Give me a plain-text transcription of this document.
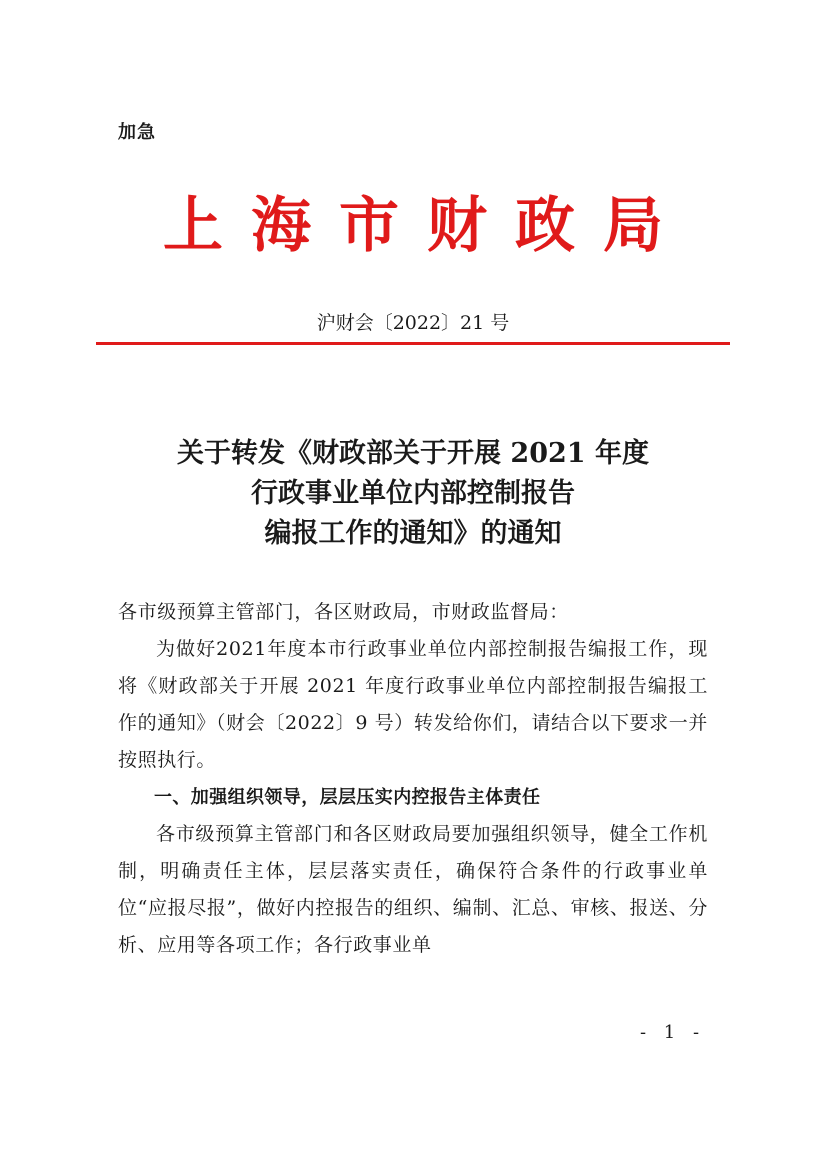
加急
上海市财政局
沪财会〔2022〕21 号
关于转发《财政部关于开展 2021 年度
行政事业单位内部控制报告
编报工作的通知》的通知

各市级预算主管部门，各区财政局，市财政监督局：

为做好2021年度本市行政事业单位内部控制报告编报工作，现将《财政部关于开展 2021 年度行政事业单位内部控制报告编报工作的通知》（财会〔2022〕9 号）转发给你们，请结合以下要求一并按照执行。

一、加强组织领导，层层压实内控报告主体责任

各市级预算主管部门和各区财政局要加强组织领导，健全工作机制，明确责任主体，层层落实责任，确保符合条件的行政事业单位“应报尽报”，做好内控报告的组织、编制、汇总、审核、报送、分析、应用等各项工作；各行政事业单

- 1 -
